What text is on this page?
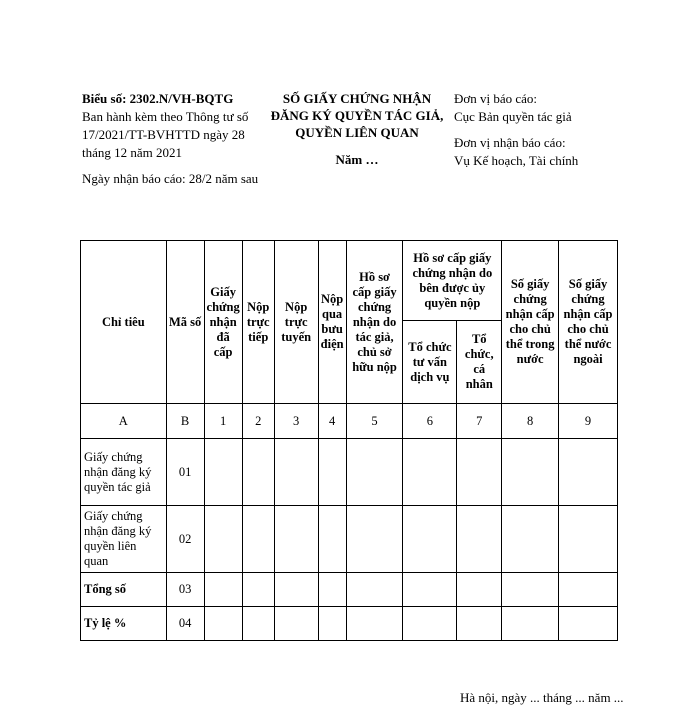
Biểu số: 2302.N/VH-BQTG
Ban hành kèm theo Thông tư số 17/2021/TT-BVHTTD ngày 28 tháng 12 năm 2021
Ngày nhận báo cáo: 28/2 năm sau
SỐ GIẤY CHỨNG NHẬN ĐĂNG KÝ QUYỀN TÁC GIẢ, QUYỀN LIÊN QUAN
Năm …
Đơn vị báo cáo:
Cục Bản quyền tác giả
Đơn vị nhận báo cáo:
Vụ Kế hoạch, Tài chính
Chỉ tiêu	Mã số	Giấy chứng nhận đã cấp	Nộp trực tiếp	Nộp trực tuyến	Nộp qua bưu điện	Hồ sơ cấp giấy chứng nhận do tác giả, chủ sở hữu nộp	Hồ sơ cấp giấy chứng nhận do bên được ủy quyền nộp		Số giấy chứng nhận cấp cho chủ thể trong nước	Số giấy chứng nhận cấp cho chủ thể nước ngoài
							Tổ chức tư vấn dịch vụ	Tổ chức, cá nhân		
A	B	1	2	3	4	5	6	7	8	9
Giấy chứng nhận đăng ký quyền tác giả	01									
Giấy chứng nhận đăng ký quyền liên quan	02									
Tổng số	03									
Tỷ lệ %	04									
Hà nội, ngày ... tháng ... năm ...
